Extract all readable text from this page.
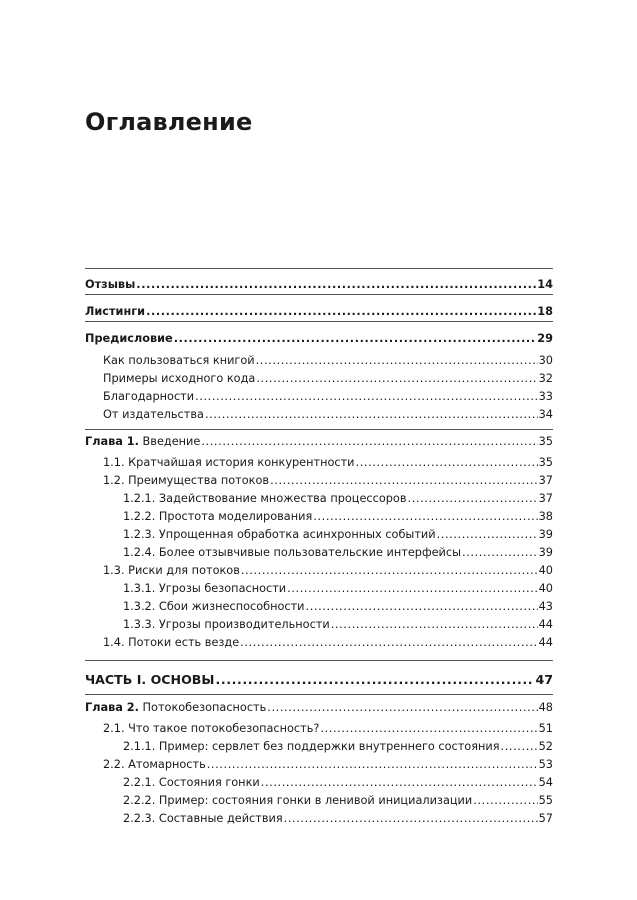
Оглавление
Отзывы .....	14
Листинги .....	18
Предисловие .....	29
Как пользоваться книгой .....	30
Примеры исходного кода .....	32
Благодарности .....	33
От издательства .....	34
Глава 1. Введение .....	35
1.1. Кратчайшая история конкурентности .....	35
1.2. Преимущества потоков .....	37
1.2.1. Задействование множества процессоров .....	37
1.2.2. Простота моделирования .....	38
1.2.3. Упрощенная обработка асинхронных событий .....	39
1.2.4. Более отзывчивые пользовательские интерфейсы .....	39
1.3. Риски для потоков .....	40
1.3.1. Угрозы безопасности .....	40
1.3.2. Сбои жизнеспособности .....	43
1.3.3. Угрозы производительности .....	44
1.4. Потоки есть везде .....	44
ЧАСТЬ I. ОСНОВЫ .....	47
Глава 2. Потокобезопасность .....	48
2.1. Что такое потокобезопасность? .....	51
2.1.1. Пример: сервлет без поддержки внутреннего состояния .....	52
2.2. Атомарность .....	53
2.2.1. Состояния гонки .....	54
2.2.2. Пример: состояния гонки в ленивой инициализации .....	55
2.2.3. Составные действия .....	57
